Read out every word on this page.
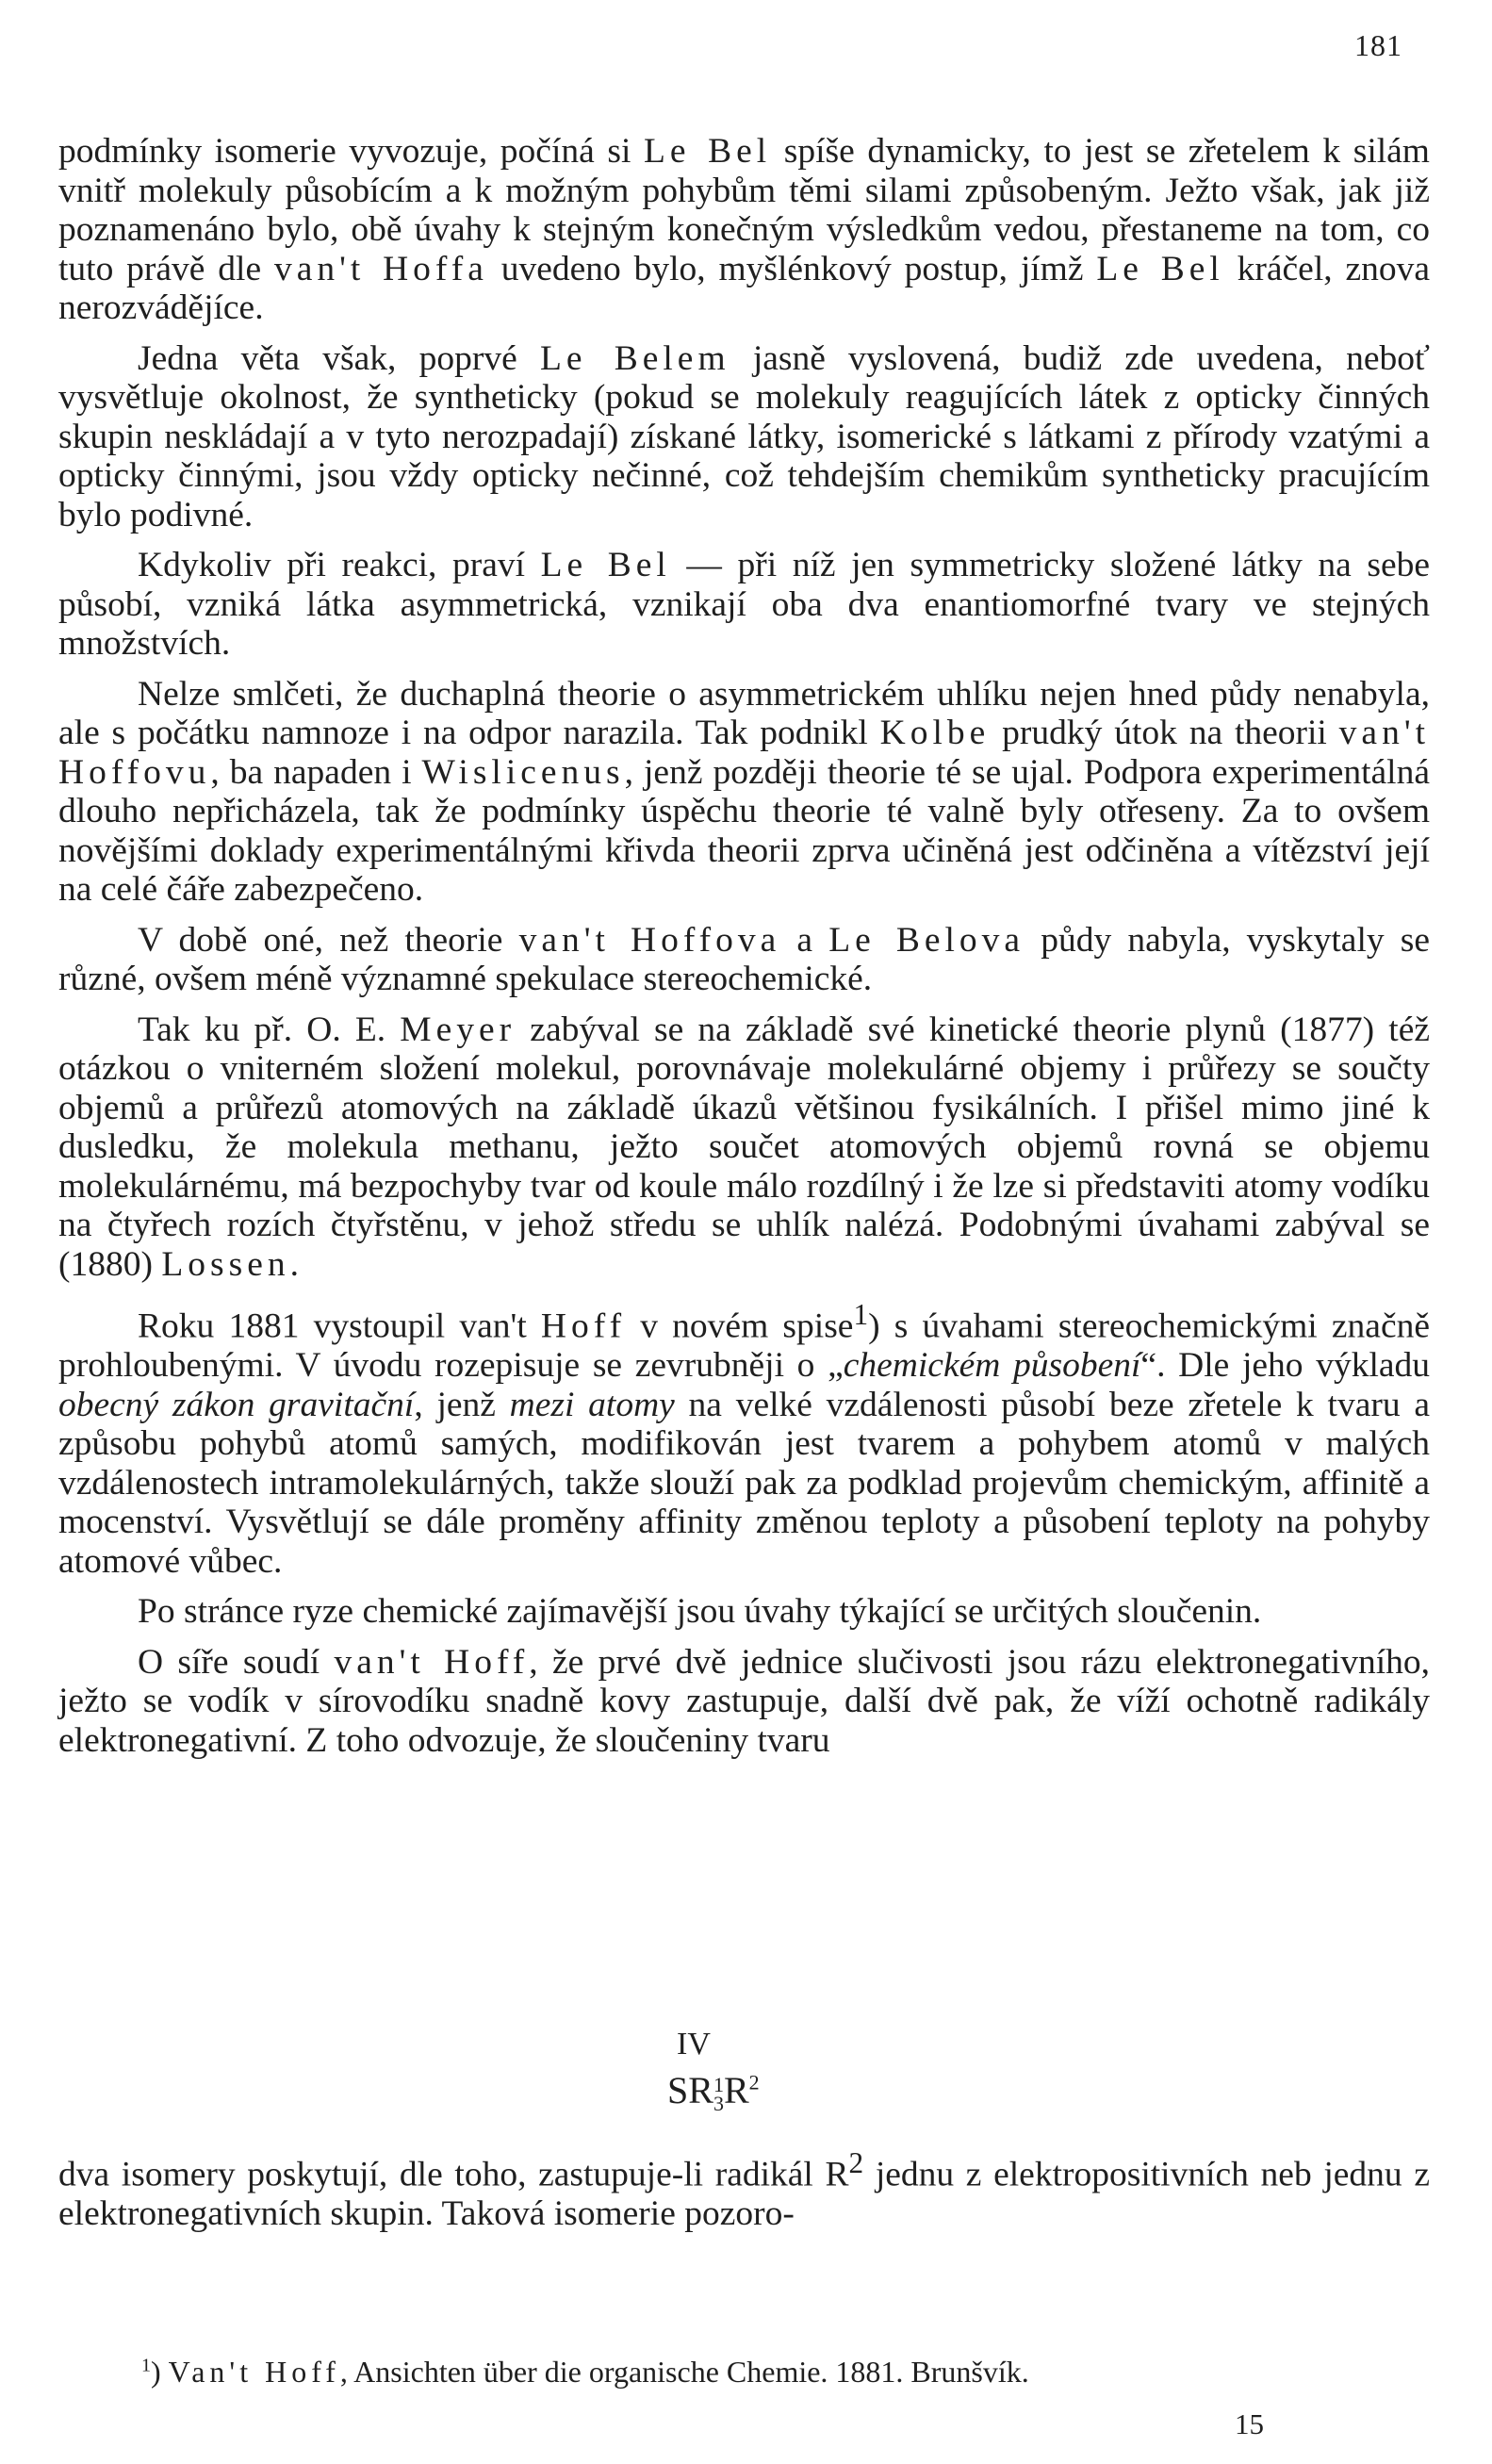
181

podmínky isomerie vyvozuje, počíná si Le Bel spíše dynamicky, to jest se zřetelem k silám vnitř molekuly působícím a k možným pohybům těmi silami způsobeným. Ježto však, jak již poznamenáno bylo, obě úvahy k stejným konečným výsledkům vedou, přestaneme na tom, co tuto právě dle van't Hoffa uvedeno bylo, myšlénkový postup, jímž Le Bel kráčel, znova nerozvádějíce.

Jedna věta však, poprvé Le Belem jasně vyslovená, budiž zde uvedena, neboť vysvětluje okolnost, že syntheticky (pokud se molekuly reagujících látek z opticky činných skupin neskládají a v tyto nerozpadají) získané látky, isomerické s látkami z přírody vzatými a opticky činnými, jsou vždy opticky nečinné, což tehdejším chemikům syntheticky pracujícím bylo podivné.

Kdykoliv při reakci, praví Le Bel — při níž jen symmetricky složené látky na sebe působí, vzniká látka asymmetrická, vznikají oba dva enantiomorfné tvary ve stejných množstvích.

Nelze smlčeti, že duchaplná theorie o asymmetrickém uhlíku nejen hned půdy nenabyla, ale s počátku namnoze i na odpor narazila. Tak podnikl Kolbe prudký útok na theorii van't Hoffovu, ba napaden i Wislicenus, jenž později theorie té se ujal. Podpora experimentálná dlouho nepřicházela, tak že podmínky úspěchu theorie té valně byly otřeseny. Za to ovšem novějšími doklady experimentálnými křivda theorii zprva učiněná jest odčiněna a vítězství její na celé čáře zabezpečeno.

V době oné, než theorie van't Hoffova a Le Belova půdy nabyla, vyskytaly se různé, ovšem méně významné spekulace stereochemické.

Tak ku př. O. E. Meyer zabýval se na základě své kinetické theorie plynů (1877) též otázkou o vniterném složení molekul, porovnávaje molekulárné objemy i průřezy se součty objemů a průřezů atomových na základě úkazů většinou fysikálních. I přišel mimo jiné k dusledku, že molekula methanu, ježto součet atomových objemů rovná se objemu molekulárnému, má bezpochyby tvar od koule málo rozdílný i že lze si představiti atomy vodíku na čtyřech rozích čtyřstěnu, v jehož středu se uhlík nalézá. Podobnými úvahami zabýval se (1880) Lossen.

Roku 1881 vystoupil van't Hoff v novém spise$^1$) s úvahami stereochemickými značně prohloubenými. V úvodu rozepisuje se zevrubněji o „chemickém působení“. Dle jeho výkladu obecný zákon gravitační, jenž mezi atomy na velké vzdálenosti působí beze zřetele k tvaru a způsobu pohybů atomů samých, modifikován jest tvarem a pohybem atomů v malých vzdálenostech intramolekulárných, takže slouží pak za podklad projevům chemickým, affinitě a mocenství. Vysvětlují se dále proměny affinity změnou teploty a působení teploty na pohyby atomové vůbec.

Po stránce ryze chemické zajímavější jsou úvahy týkající se určitých sloučenin.

O síře soudí van't Hoff, že prvé dvě jednice slučivosti jsou rázu elektronegativního, ježto se vodík v sírovodíku snadně kovy zastupuje, další dvě pak, že víží ochotně radikály elektronegativní. Z toho odvozuje, že sloučeniny tvaru

IV
SR 1
3 $R^2$

dva isomery poskytují, dle toho, zastupuje-li radikál $R^2$ jednu z elektropositivních neb jednu z elektronegativních skupin. Taková isomerie pozoro-

$^1$) Van't Hoff, Ansichten über die organische Chemie. 1881. Brunšvík.
15
